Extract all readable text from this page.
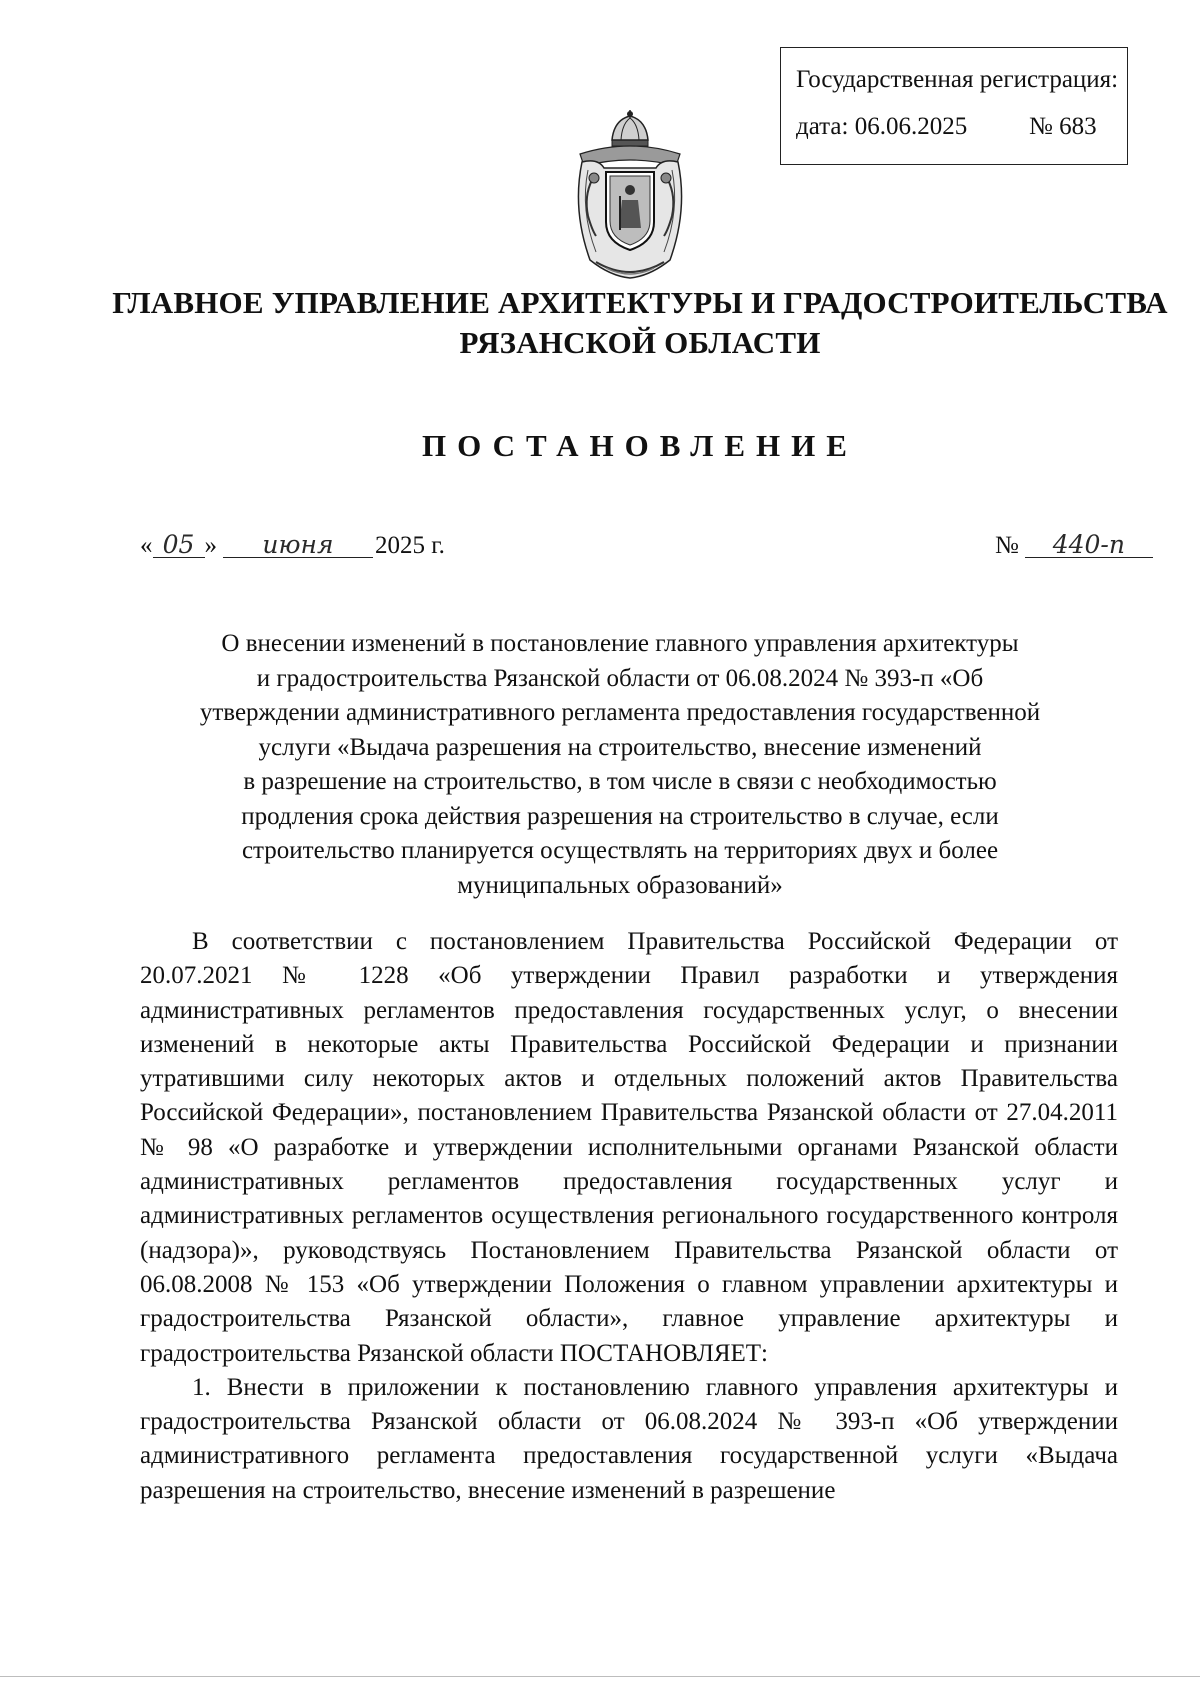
Государственная регистрация:
дата: 06.06.2025 № 683
ГЛАВНОЕ УПРАВЛЕНИЕ АРХИТЕКТУРЫ И ГРАДОСТРОИТЕЛЬСТВА
РЯЗАНСКОЙ ОБЛАСТИ
ПОСТАНОВЛЕНИЕ
« 05 » июня 2025 г.	№ 440-п
О внесении изменений в постановление главного управления архитектуры
и градостроительства Рязанской области от 06.08.2024 № 393-п «Об
утверждении административного регламента предоставления государственной
услуги «Выдача разрешения на строительство, внесение изменений
в разрешение на строительство, в том числе в связи с необходимостью
продления срока действия разрешения на строительство в случае, если
строительство планируется осуществлять на территориях двух и более
муниципальных образований»

В соответствии с постановлением Правительства Российской Федерации от 20.07.2021 № 1228 «Об утверждении Правил разработки и утверждения административных регламентов предоставления государственных услуг, о внесении изменений в некоторые акты Правительства Российской Федерации и признании утратившими силу некоторых актов и отдельных положений актов Правительства Российской Федерации», постановлением Правительства Рязанской области от 27.04.2011 № 98 «О разработке и утверждении исполнительными органами Рязанской области административных регламентов предоставления государственных услуг и административных регламентов осуществления регионального государственного контроля (надзора)», руководствуясь Постановлением Правительства Рязанской области от 06.08.2008 № 153 «Об утверждении Положения о главном управлении архитектуры и градостроительства Рязанской области», главное управление архитектуры и градостроительства Рязанской области ПОСТАНОВЛЯЕТ:

1. Внести в приложении к постановлению главного управления архитектуры и градостроительства Рязанской области от 06.08.2024 № 393-п «Об утверждении административного регламента предоставления государственной услуги «Выдача разрешения на строительство, внесение изменений в разрешение
